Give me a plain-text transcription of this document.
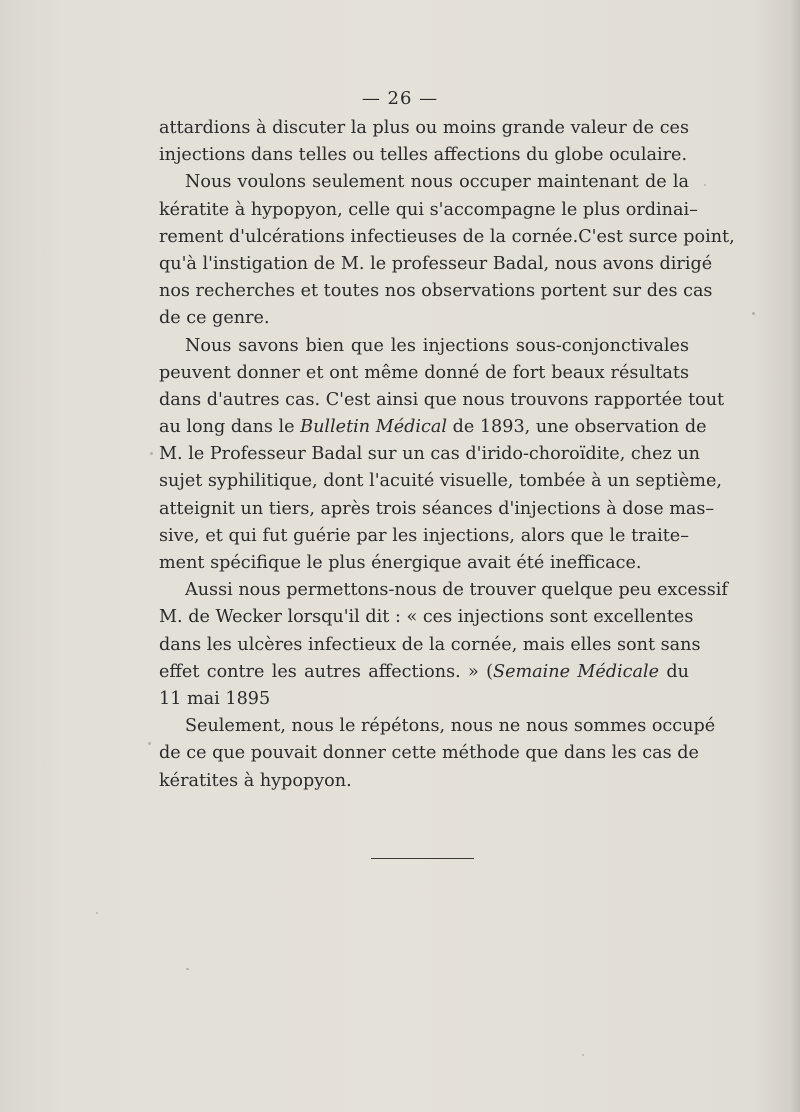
— 26 —
attardions à discuter la plus ou moins grande valeur de ces
injections dans telles ou telles affections du globe oculaire.
Nous voulons seulement nous occuper maintenant de la
kératite à hypopyon, celle qui s'accompagne le plus ordinai–
rement d'ulcérations infectieuses de la cornée.C'est surce point,
qu'à l'instigation de M. le professeur Badal, nous avons dirigé
nos recherches et toutes nos observations portent sur des cas
de ce genre.
Nous savons bien que les injections sous-conjonctivales
peuvent donner et ont même donné de fort beaux résultats
dans d'autres cas. C'est ainsi que nous trouvons rapportée tout
au long dans le Bulletin Médical de 1893, une observation de
M. le Professeur Badal sur un cas d'irido-choroïdite, chez un
sujet syphilitique, dont l'acuité visuelle, tombée à un septième,
atteignit un tiers, après trois séances d'injections à dose mas–
sive, et qui fut guérie par les injections, alors que le traite–
ment spécifique le plus énergique avait été inefficace.
Aussi nous permettons-nous de trouver quelque peu excessif
M. de Wecker lorsqu'il dit : « ces injections sont excellentes
dans les ulcères infectieux de la cornée, mais elles sont sans
effet contre les autres affections. » (Semaine Médicale du
11 mai 1895
Seulement, nous le répétons, nous ne nous sommes occupé
de ce que pouvait donner cette méthode que dans les cas de
kératites à hypopyon.
